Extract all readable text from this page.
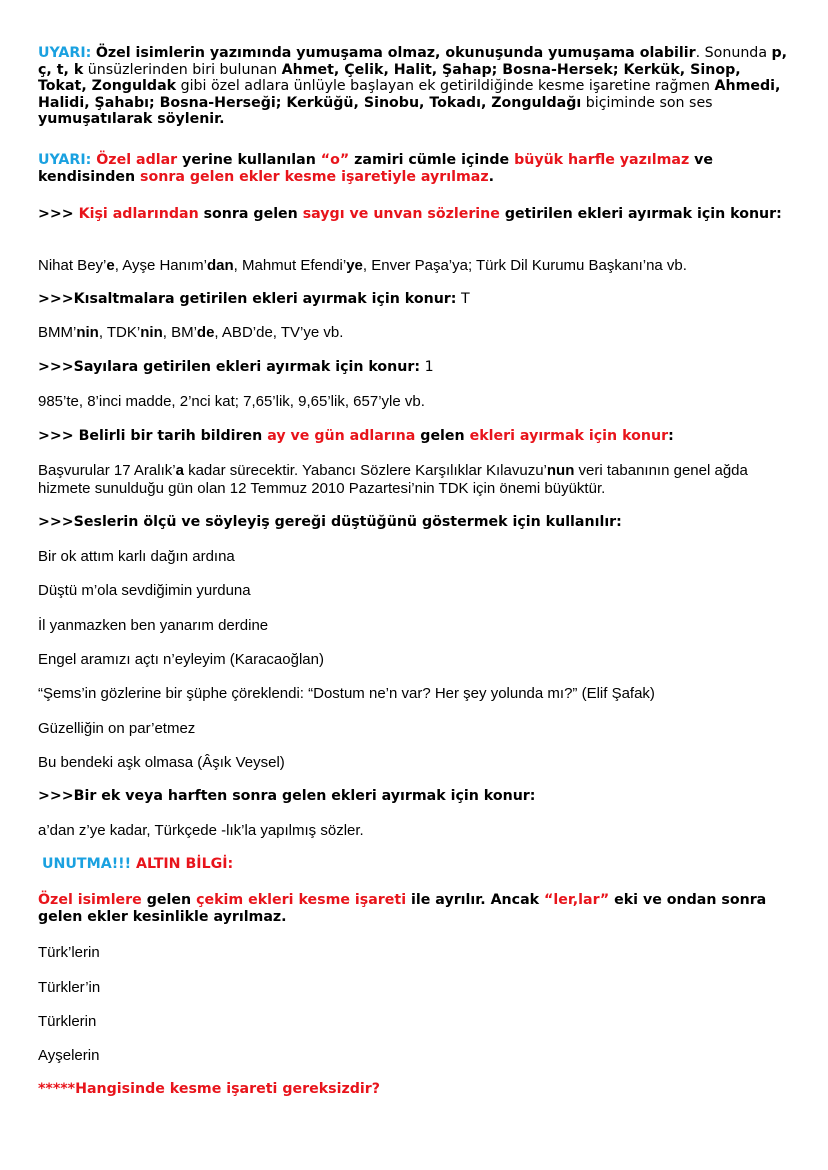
UYARI: Özel isimlerin yazımında yumuşama olmaz, okunuşunda yumuşama olabilir. Sonunda p, ç, t, k ünsüzlerinden biri bulunan Ahmet, Çelik, Halit, Şahap; Bosna-Hersek; Kerkük, Sinop, Tokat, Zonguldak gibi özel adlara ünlüyle başlayan ek getirildiğinde kesme işaretine rağmen Ahmedi, Halidi, Şahabı; Bosna-Herseği; Kerküğü, Sinobu, Tokadı, Zonguldağı biçiminde son ses yumuşatılarak söylenir.

UYARI: Özel adlar yerine kullanılan “o” zamiri cümle içinde büyük harfle yazılmaz ve kendisinden sonra gelen ekler kesme işaretiyle ayrılmaz.

>>> Kişi adlarından sonra gelen saygı ve unvan sözlerine getirilen ekleri ayırmak için konur:

Nihat Bey’e, Ayşe Hanım’dan, Mahmut Efendi’ye, Enver Paşa’ya; Türk Dil Kurumu Başkanı’na vb.

>>>Kısaltmalara getirilen ekleri ayırmak için konur: T

BMM’nin, TDK’nin, BM’de, ABD’de, TV’ye vb.

>>>Sayılara getirilen ekleri ayırmak için konur: 1

985’te, 8’inci madde, 2’nci kat; 7,65’lik, 9,65’lik, 657’yle vb.

>>> Belirli bir tarih bildiren ay ve gün adlarına gelen ekleri ayırmak için konur:

Başvurular 17 Aralık’a kadar sürecektir. Yabancı Sözlere Karşılıklar Kılavuzu’nun veri tabanının genel ağda hizmete sunulduğu gün olan 12 Temmuz 2010 Pazartesi’nin TDK için önemi büyüktür.

>>>Seslerin ölçü ve söyleyiş gereği düştüğünü göstermek için kullanılır:

Bir ok attım karlı dağın ardına

Düştü m’ola sevdiğimin yurduna

İl yanmazken ben yanarım derdine

Engel aramızı açtı n’eyleyim (Karacaoğlan)

“Şems’in gözlerine bir şüphe çöreklendi: “Dostum ne’n var? Her şey yolunda mı?” (Elif Şafak)

Güzelliğin on par’etmez

Bu bendeki aşk olmasa (Âşık Veysel)

>>>Bir ek veya harften sonra gelen ekleri ayırmak için konur:

a’dan z’ye kadar, Türkçede -lık’la yapılmış sözler.

UNUTMA!!! ALTIN BİLGİ:

Özel isimlere gelen çekim ekleri kesme işareti ile ayrılır. Ancak “ler,lar” eki ve ondan sonra gelen ekler kesinlikle ayrılmaz.

Türk’lerin

Türkler’in

Türklerin

Ayşelerin

*****Hangisinde kesme işareti gereksizdir?
